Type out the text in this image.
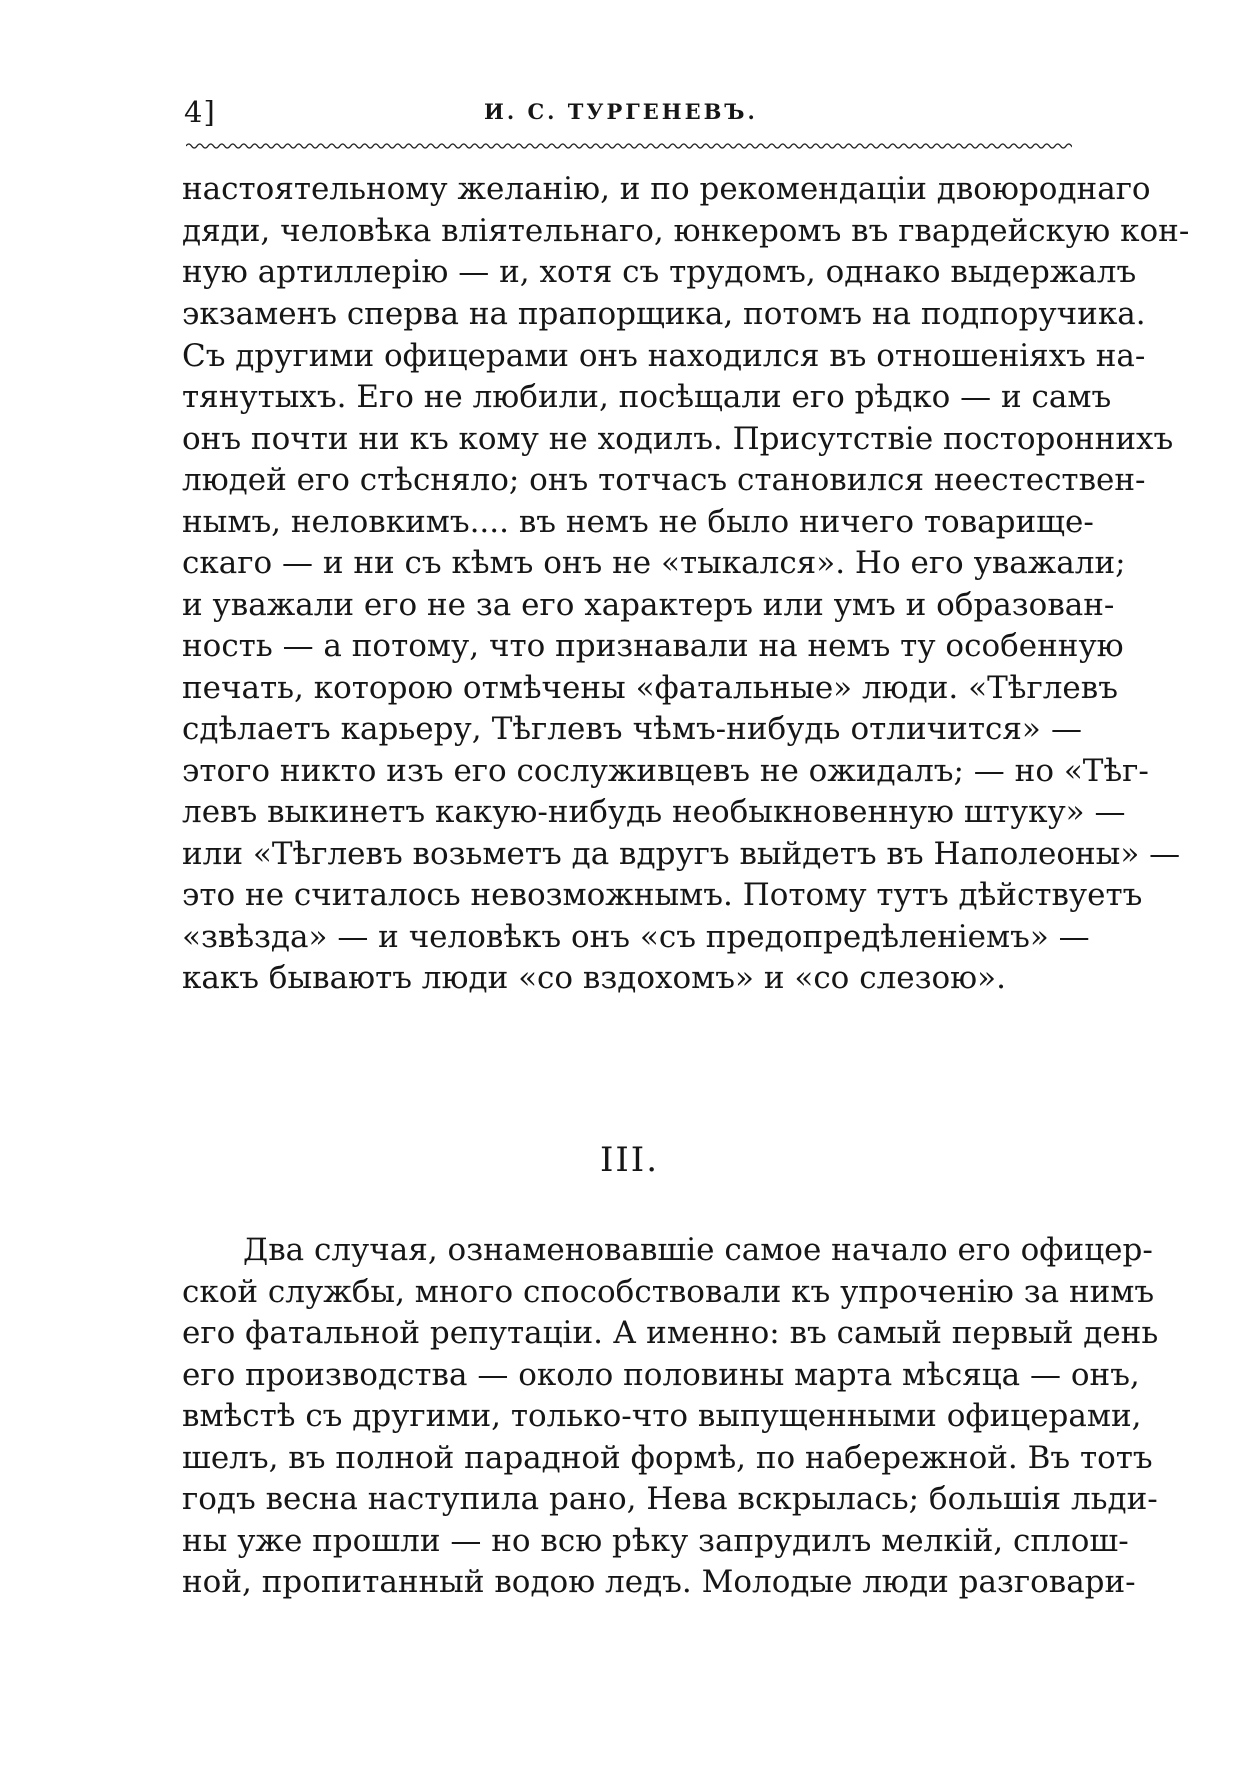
4]	И. С. ТУРГЕНЕВЪ.
настоятельному желанію, и по рекомендаціи двоюроднаго
дяди, человѣка вліятельнаго, юнкеромъ въ гвардейскую кон-
ную артиллерію — и, хотя съ трудомъ, однако выдержалъ
экзаменъ сперва на прапорщика, потомъ на подпоручика.
Съ другими офицерами онъ находился въ отношеніяхъ на-
тянутыхъ. Его не любили, посѣщали его рѣдко — и самъ
онъ почти ни къ кому не ходилъ. Присутствіе постороннихъ
людей его стѣсняло; онъ тотчасъ становился неестествен-
нымъ, неловкимъ.... въ немъ не было ничего товарище-
скаго — и ни съ кѣмъ онъ не «тыкался». Но его уважали;
и уважали его не за его характеръ или умъ и образован-
ность — а потому, что признавали на немъ ту особенную
печать, которою отмѣчены «фатальные» люди. «Тѣглевъ
сдѣлаетъ карьеру, Тѣглевъ чѣмъ-нибудь отличится» —
этого никто изъ его сослуживцевъ не ожидалъ; — но «Тѣг-
левъ выкинетъ какую-нибудь необыкновенную штуку» —
или «Тѣглевъ возьметъ да вдругъ выйдетъ въ Наполеоны» —
это не считалось невозможнымъ. Потому тутъ дѣйствуетъ
«звѣзда» — и человѣкъ онъ «съ предопредѣленіемъ» —
какъ бываютъ люди «со вздохомъ» и «со слезою».
III.
Два случая, ознаменовавшіе самое начало его офицер-
ской службы, много способствовали къ упроченію за нимъ
его фатальной репутаціи. А именно: въ самый первый день
его производства — около половины марта мѣсяца — онъ,
вмѣстѣ съ другими, только-что выпущенными офицерами,
шелъ, въ полной парадной формѣ, по набережной. Въ тотъ
годъ весна наступила рано, Нева вскрылась; большія льди-
ны уже прошли — но всю рѣку запрудилъ мелкій, сплош-
ной, пропитанный водою ледъ. Молодые люди разговари-
